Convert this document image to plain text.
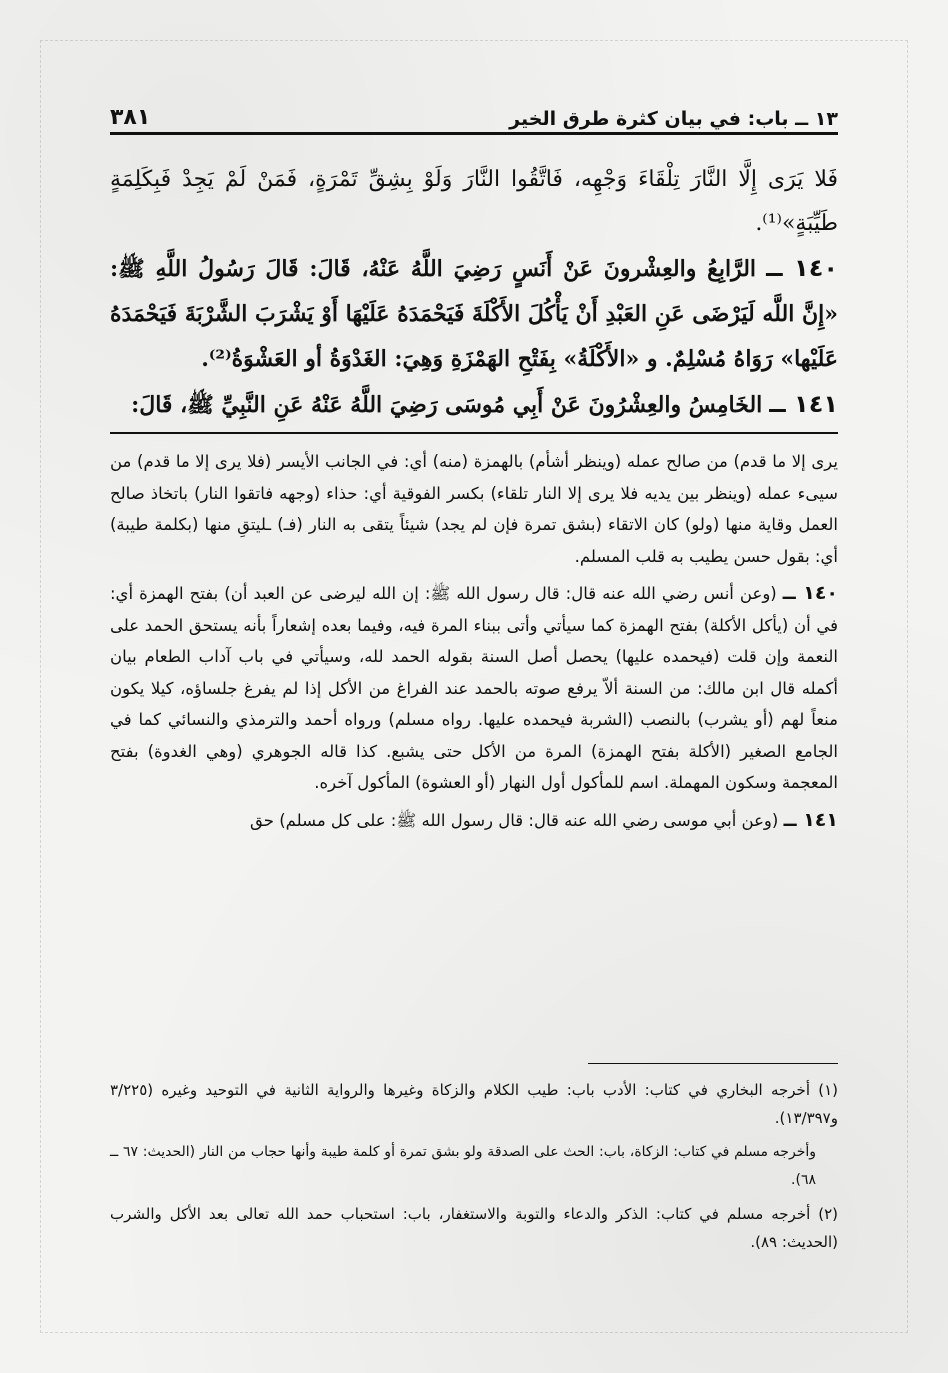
١٣ ــ باب: في بيان كثرة طرق الخير
٣٨١

فَلا يَرَى إِلَّا النَّارَ تِلْقَاءَ وَجْهِه، فَاتَّقُوا النَّارَ وَلَوْ بِشِقِّ تَمْرَةٍ، فَمَنْ لَمْ يَجِدْ فَبِكَلِمَةٍ طَيِّبَةٍ»⁽¹⁾.

١٤٠ ــ الرَّابِعُ والعِشْرونَ عَنْ أَنَسٍ رَضِيَ اللَّهُ عَنْهُ، قَالَ: قَالَ رَسُولُ اللَّهِ ﷺ: «إِنَّ اللَّه لَيَرْضَى عَنِ العَبْدِ أَنْ يَأْكُلَ الأَكْلَةَ فَيَحْمَدَهُ عَلَيْهَا أَوْ يَشْرَبَ الشَّرْبَةَ فَيَحْمَدَهُ عَلَيْها» رَوَاهُ مُسْلِمٌ. و «الأَكْلَةُ» بِفَتْحِ الهَمْزَةِ وَهِيَ: الغَدْوَةُ أو العَشْوَةُ⁽²⁾.

١٤١ ــ الخَامِسُ والعِشْرُونَ عَنْ أَبِي مُوسَى رَضِيَ اللَّهُ عَنْهُ عَنِ النَّبِيِّ ﷺ، قَالَ:

يرى إلا ما قدم) من صالح عمله (وينظر أشأم) بالهمزة (منه) أي: في الجانب الأيسر (فلا يرى إلا ما قدم) من سيىء عمله (وينظر بين يديه فلا يرى إلا النار تلقاء) بكسر الفوقية أي: حذاء (وجهه فاتقوا النار) باتخاذ صالح العمل وقاية منها (ولو) كان الاتقاء (بشق تمرة فإن لم يجد) شيئاً يتقى به النار (فـ) ـليتقِ منها (بكلمة طيبة) أي: بقول حسن يطيب به قلب المسلم.

١٤٠ ــ (وعن أنس رضي الله عنه قال: قال رسول الله ﷺ: إن الله ليرضى عن العبد أن) بفتح الهمزة أي: في أن (يأكل الأكلة) بفتح الهمزة كما سيأتي وأتى ببناء المرة فيه، وفيما بعده إشعاراً بأنه يستحق الحمد على النعمة وإن قلت (فيحمده عليها) يحصل أصل السنة بقوله الحمد لله، وسيأتي في باب آداب الطعام بيان أكمله قال ابن مالك: من السنة ألاّ يرفع صوته بالحمد عند الفراغ من الأكل إذا لم يفرغ جلساؤه، كيلا يكون منعاً لهم (أو يشرب) بالنصب (الشربة فيحمده عليها. رواه مسلم) ورواه أحمد والترمذي والنسائي كما في الجامع الصغير (الأكلة بفتح الهمزة) المرة من الأكل حتى يشبع. كذا قاله الجوهري (وهي الغدوة) بفتح المعجمة وسكون المهملة. اسم للمأكول أول النهار (أو العشوة) المأكول آخره.

١٤١ ــ (وعن أبي موسى رضي الله عنه قال: قال رسول الله ﷺ: على كل مسلم) حق

(١) أخرجه البخاري في كتاب: الأدب باب: طيب الكلام والزكاة وغيرها والرواية الثانية في التوحيد وغيره (٣/٢٢٥ و١٣/٣٩٧).

وأخرجه مسلم في كتاب: الزكاة، باب: الحث على الصدقة ولو بشق تمرة أو كلمة طيبة وأنها حجاب من النار (الحديث: ٦٧ ــ ٦٨).

(٢) أخرجه مسلم في كتاب: الذكر والدعاء والتوبة والاستغفار، باب: استحباب حمد الله تعالى بعد الأكل والشرب (الحديث: ٨٩).
